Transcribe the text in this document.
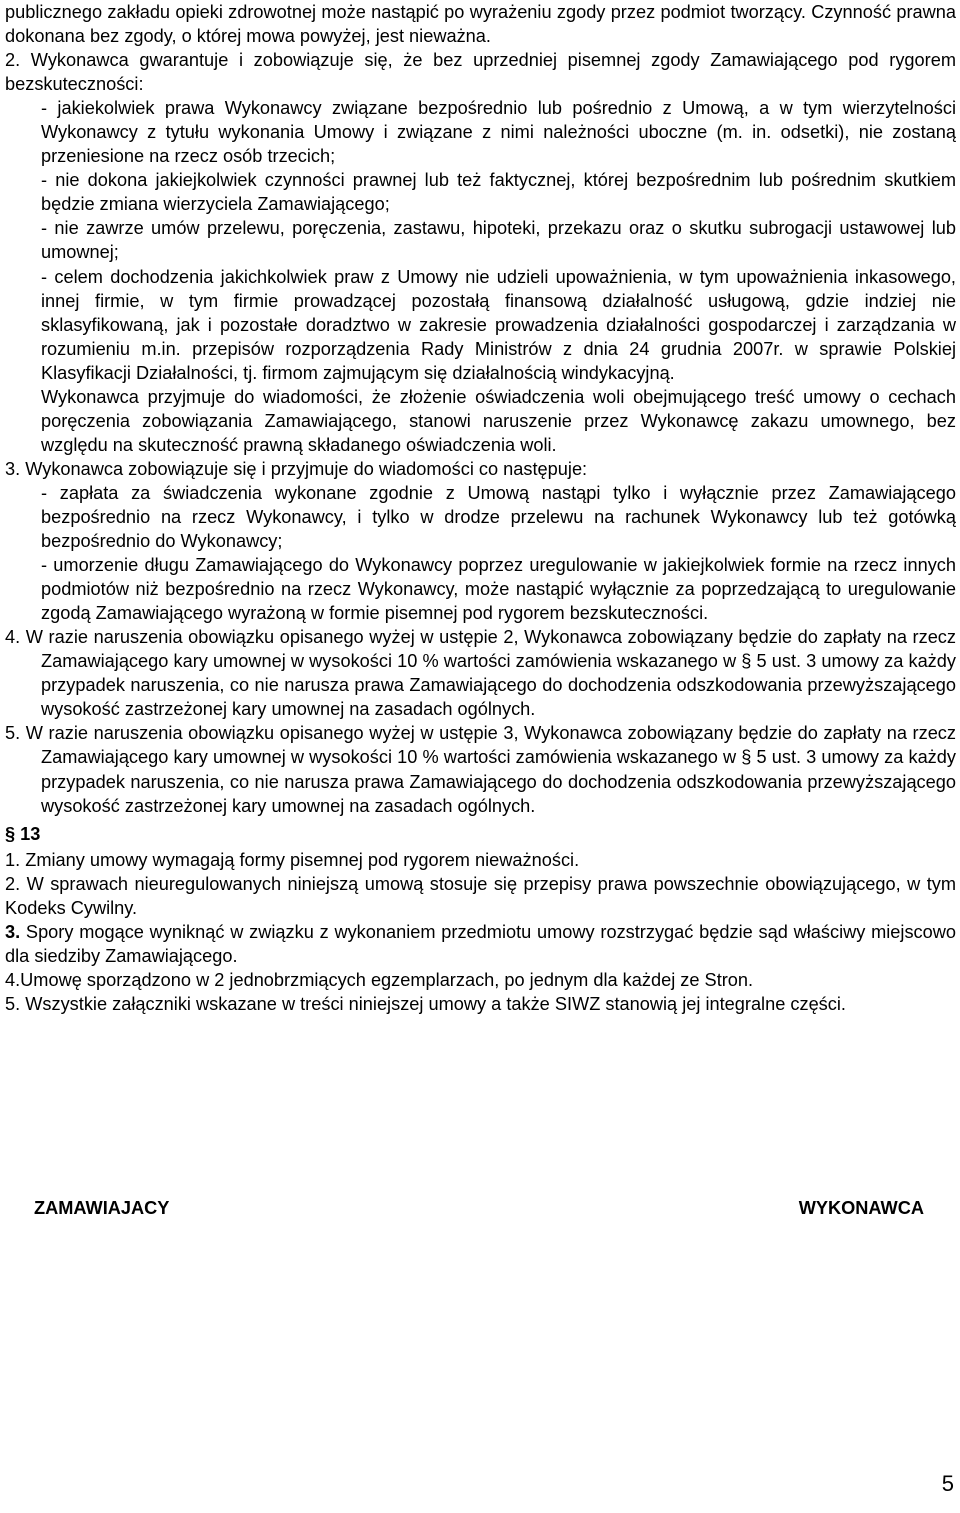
publicznego zakładu opieki zdrowotnej może nastąpić po wyrażeniu zgody przez podmiot tworzący. Czynność prawna dokonana bez zgody, o której mowa powyżej, jest nieważna.

2. Wykonawca gwarantuje i zobowiązuje się, że bez uprzedniej pisemnej zgody Zamawiającego pod rygorem bezskuteczności:

- jakiekolwiek prawa Wykonawcy związane bezpośrednio lub pośrednio z Umową, a w tym wierzytelności Wykonawcy z tytułu wykonania Umowy i związane z nimi należności uboczne (m. in. odsetki), nie zostaną przeniesione na rzecz osób trzecich;

- nie dokona jakiejkolwiek czynności prawnej lub też faktycznej, której bezpośrednim lub pośrednim skutkiem będzie zmiana wierzyciela Zamawiającego;

- nie zawrze umów przelewu, poręczenia, zastawu, hipoteki, przekazu oraz o skutku subrogacji ustawowej lub umownej;

- celem dochodzenia jakichkolwiek praw z Umowy nie udzieli upoważnienia, w tym upoważnienia inkasowego, innej firmie, w tym firmie prowadzącej pozostałą finansową działalność usługową, gdzie indziej nie sklasyfikowaną, jak i pozostałe doradztwo w zakresie prowadzenia działalności gospodarczej i zarządzania w rozumieniu m.in. przepisów rozporządzenia Rady Ministrów z dnia 24 grudnia 2007r. w sprawie Polskiej Klasyfikacji Działalności, tj. firmom zajmującym się działalnością windykacyjną.

Wykonawca przyjmuje do wiadomości, że złożenie oświadczenia woli obejmującego treść umowy o cechach poręczenia zobowiązania Zamawiającego, stanowi naruszenie przez Wykonawcę zakazu umownego, bez względu na skuteczność prawną składanego oświadczenia woli.

3. Wykonawca zobowiązuje się i przyjmuje do wiadomości co następuje:

- zapłata za świadczenia wykonane zgodnie z Umową nastąpi tylko i wyłącznie przez Zamawiającego bezpośrednio na rzecz Wykonawcy, i tylko w drodze przelewu na rachunek Wykonawcy lub też gotówką bezpośrednio do Wykonawcy;

- umorzenie długu Zamawiającego do Wykonawcy poprzez uregulowanie w jakiejkolwiek formie na rzecz innych podmiotów niż bezpośrednio na rzecz Wykonawcy, może nastąpić wyłącznie za poprzedzającą to uregulowanie zgodą Zamawiającego wyrażoną w formie pisemnej pod rygorem bezskuteczności.

4. W razie naruszenia obowiązku opisanego wyżej w ustępie 2, Wykonawca zobowiązany będzie do zapłaty na rzecz Zamawiającego kary umownej w wysokości 10 % wartości zamówienia wskazanego w § 5 ust. 3 umowy za każdy przypadek naruszenia, co nie narusza prawa Zamawiającego do dochodzenia odszkodowania przewyższającego wysokość zastrzeżonej kary umownej na zasadach ogólnych.

5. W razie naruszenia obowiązku opisanego wyżej w ustępie 3, Wykonawca zobowiązany będzie do zapłaty na rzecz Zamawiającego kary umownej w wysokości 10 % wartości zamówienia wskazanego w § 5 ust. 3 umowy za każdy przypadek naruszenia, co nie narusza prawa Zamawiającego do dochodzenia odszkodowania przewyższającego wysokość zastrzeżonej kary umownej na zasadach ogólnych.

§ 13

1. Zmiany umowy wymagają formy pisemnej pod rygorem nieważności.

2. W sprawach nieuregulowanych niniejszą umową stosuje się przepisy prawa powszechnie obowiązującego, w tym Kodeks Cywilny.

3. Spory mogące wyniknąć w związku z wykonaniem przedmiotu umowy rozstrzygać będzie sąd właściwy miejscowo dla siedziby Zamawiającego.

4.Umowę sporządzono w 2 jednobrzmiących egzemplarzach, po jednym dla każdej ze Stron.

5. Wszystkie załączniki wskazane w treści niniejszej umowy a także SIWZ stanowią jej integralne części.

ZAMAWIAJACY	WYKONAWCA
5
